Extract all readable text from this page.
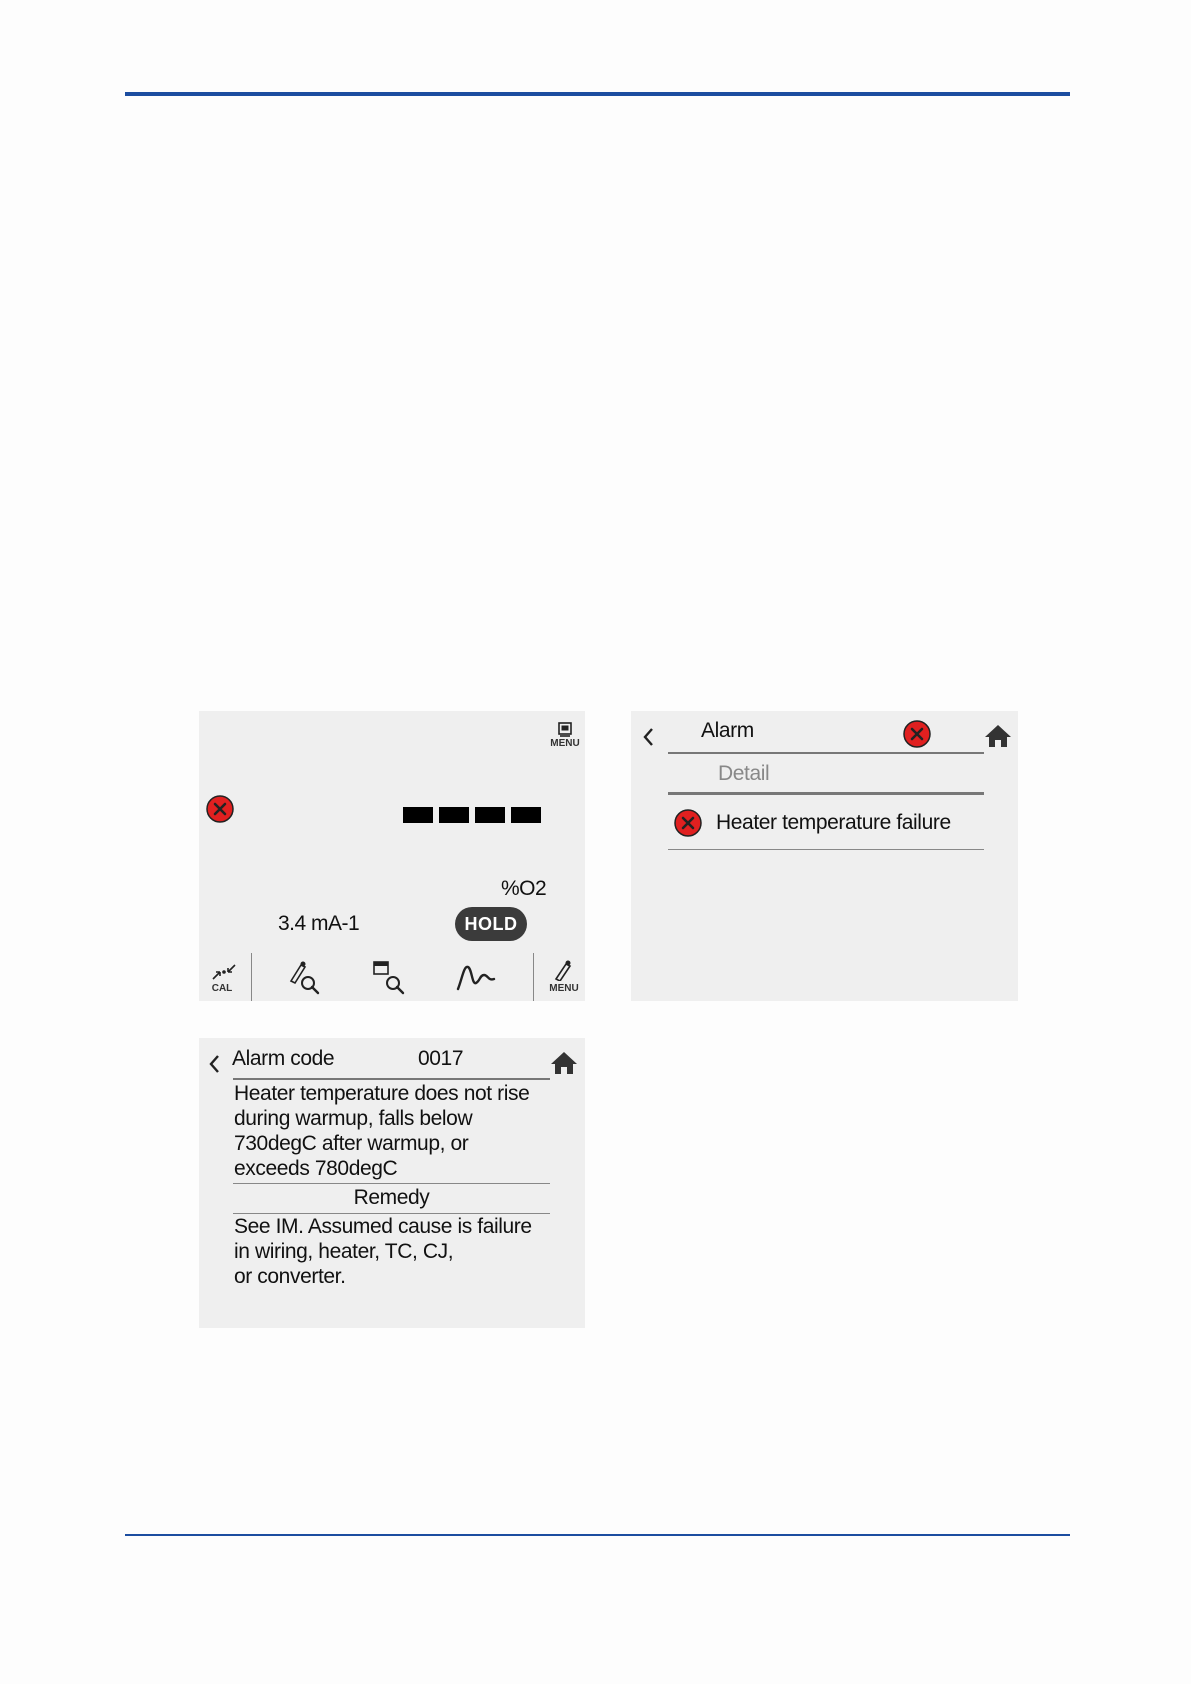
MENU
%O2
3.4 mA-1	HOLD
CAL	MENU
Alarm
Detail
Heater temperature failure
Alarm code	0017
Heater temperature does not rise
during warmup, falls below
730degC after warmup, or
exceeds 780degC
Remedy
See IM. Assumed cause is failure
in wiring, heater, TC, CJ,
or converter.
